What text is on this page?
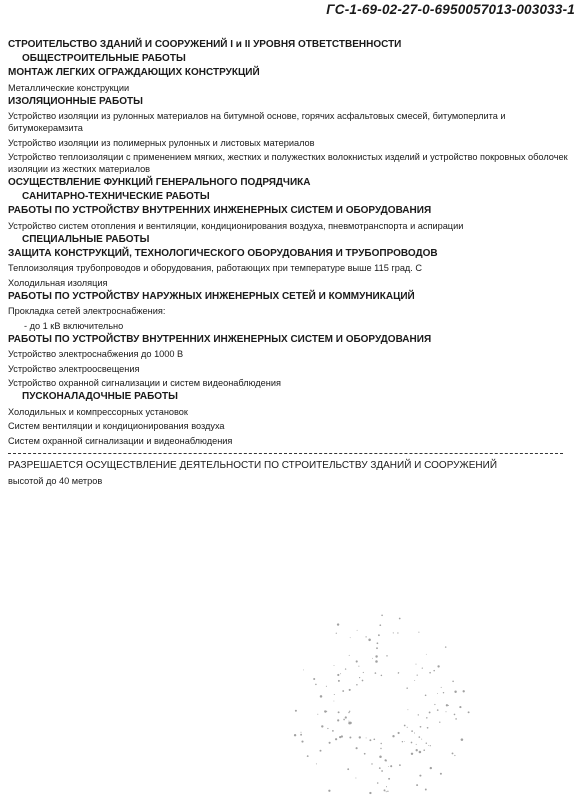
ГС-1-69-02-27-0-6950057013-003033-1
СТРОИТЕЛЬСТВО ЗДАНИЙ И СООРУЖЕНИЙ I и II УРОВНЯ ОТВЕТСТВЕННОСТИ
ОБЩЕСТРОИТЕЛЬНЫЕ РАБОТЫ
МОНТАЖ ЛЕГКИХ ОГРАЖДАЮЩИХ КОНСТРУКЦИЙ
Металлические конструкции
ИЗОЛЯЦИОННЫЕ РАБОТЫ
Устройство изоляции из рулонных материалов на битумной основе, горячих асфальтовых смесей, битумоперлита и битумокерамзита
Устройство изоляции из полимерных рулонных и листовых материалов
Устройство теплоизоляции с применением мягких, жестких и полужестких волокнистых изделий и устройство покровных оболочек изоляции из жестких материалов
ОСУЩЕСТВЛЕНИЕ ФУНКЦИЙ ГЕНЕРАЛЬНОГО ПОДРЯДЧИКА
САНИТАРНО-ТЕХНИЧЕСКИЕ РАБОТЫ
РАБОТЫ ПО УСТРОЙСТВУ ВНУТРЕННИХ ИНЖЕНЕРНЫХ СИСТЕМ И ОБОРУДОВАНИЯ
Устройство систем отопления и вентиляции, кондиционирования воздуха, пневмотранспорта и аспирации
СПЕЦИАЛЬНЫЕ РАБОТЫ
ЗАЩИТА КОНСТРУКЦИЙ, ТЕХНОЛОГИЧЕСКОГО ОБОРУДОВАНИЯ И ТРУБОПРОВОДОВ
Теплоизоляция трубопроводов и оборудования, работающих при температуре выше 115 град. С
Холодильная изоляция
РАБОТЫ ПО УСТРОЙСТВУ НАРУЖНЫХ ИНЖЕНЕРНЫХ СЕТЕЙ И КОММУНИКАЦИЙ
Прокладка сетей электроснабжения:
- до 1 кВ включительно
РАБОТЫ ПО УСТРОЙСТВУ ВНУТРЕННИХ ИНЖЕНЕРНЫХ СИСТЕМ И ОБОРУДОВАНИЯ
Устройство электроснабжения до 1000 В
Устройство электроосвещения
Устройство охранной сигнализации и систем видеонаблюдения
ПУСКОНАЛАДОЧНЫЕ РАБОТЫ
Холодильных и компрессорных установок
Систем вентиляции и кондиционирования воздуха
Систем охранной сигнализации и видеонаблюдения
РАЗРЕШАЕТСЯ ОСУЩЕСТВЛЕНИЕ ДЕЯТЕЛЬНОСТИ ПО СТРОИТЕЛЬСТВУ ЗДАНИЙ И СООРУЖЕНИЙ
высотой до 40 метров
